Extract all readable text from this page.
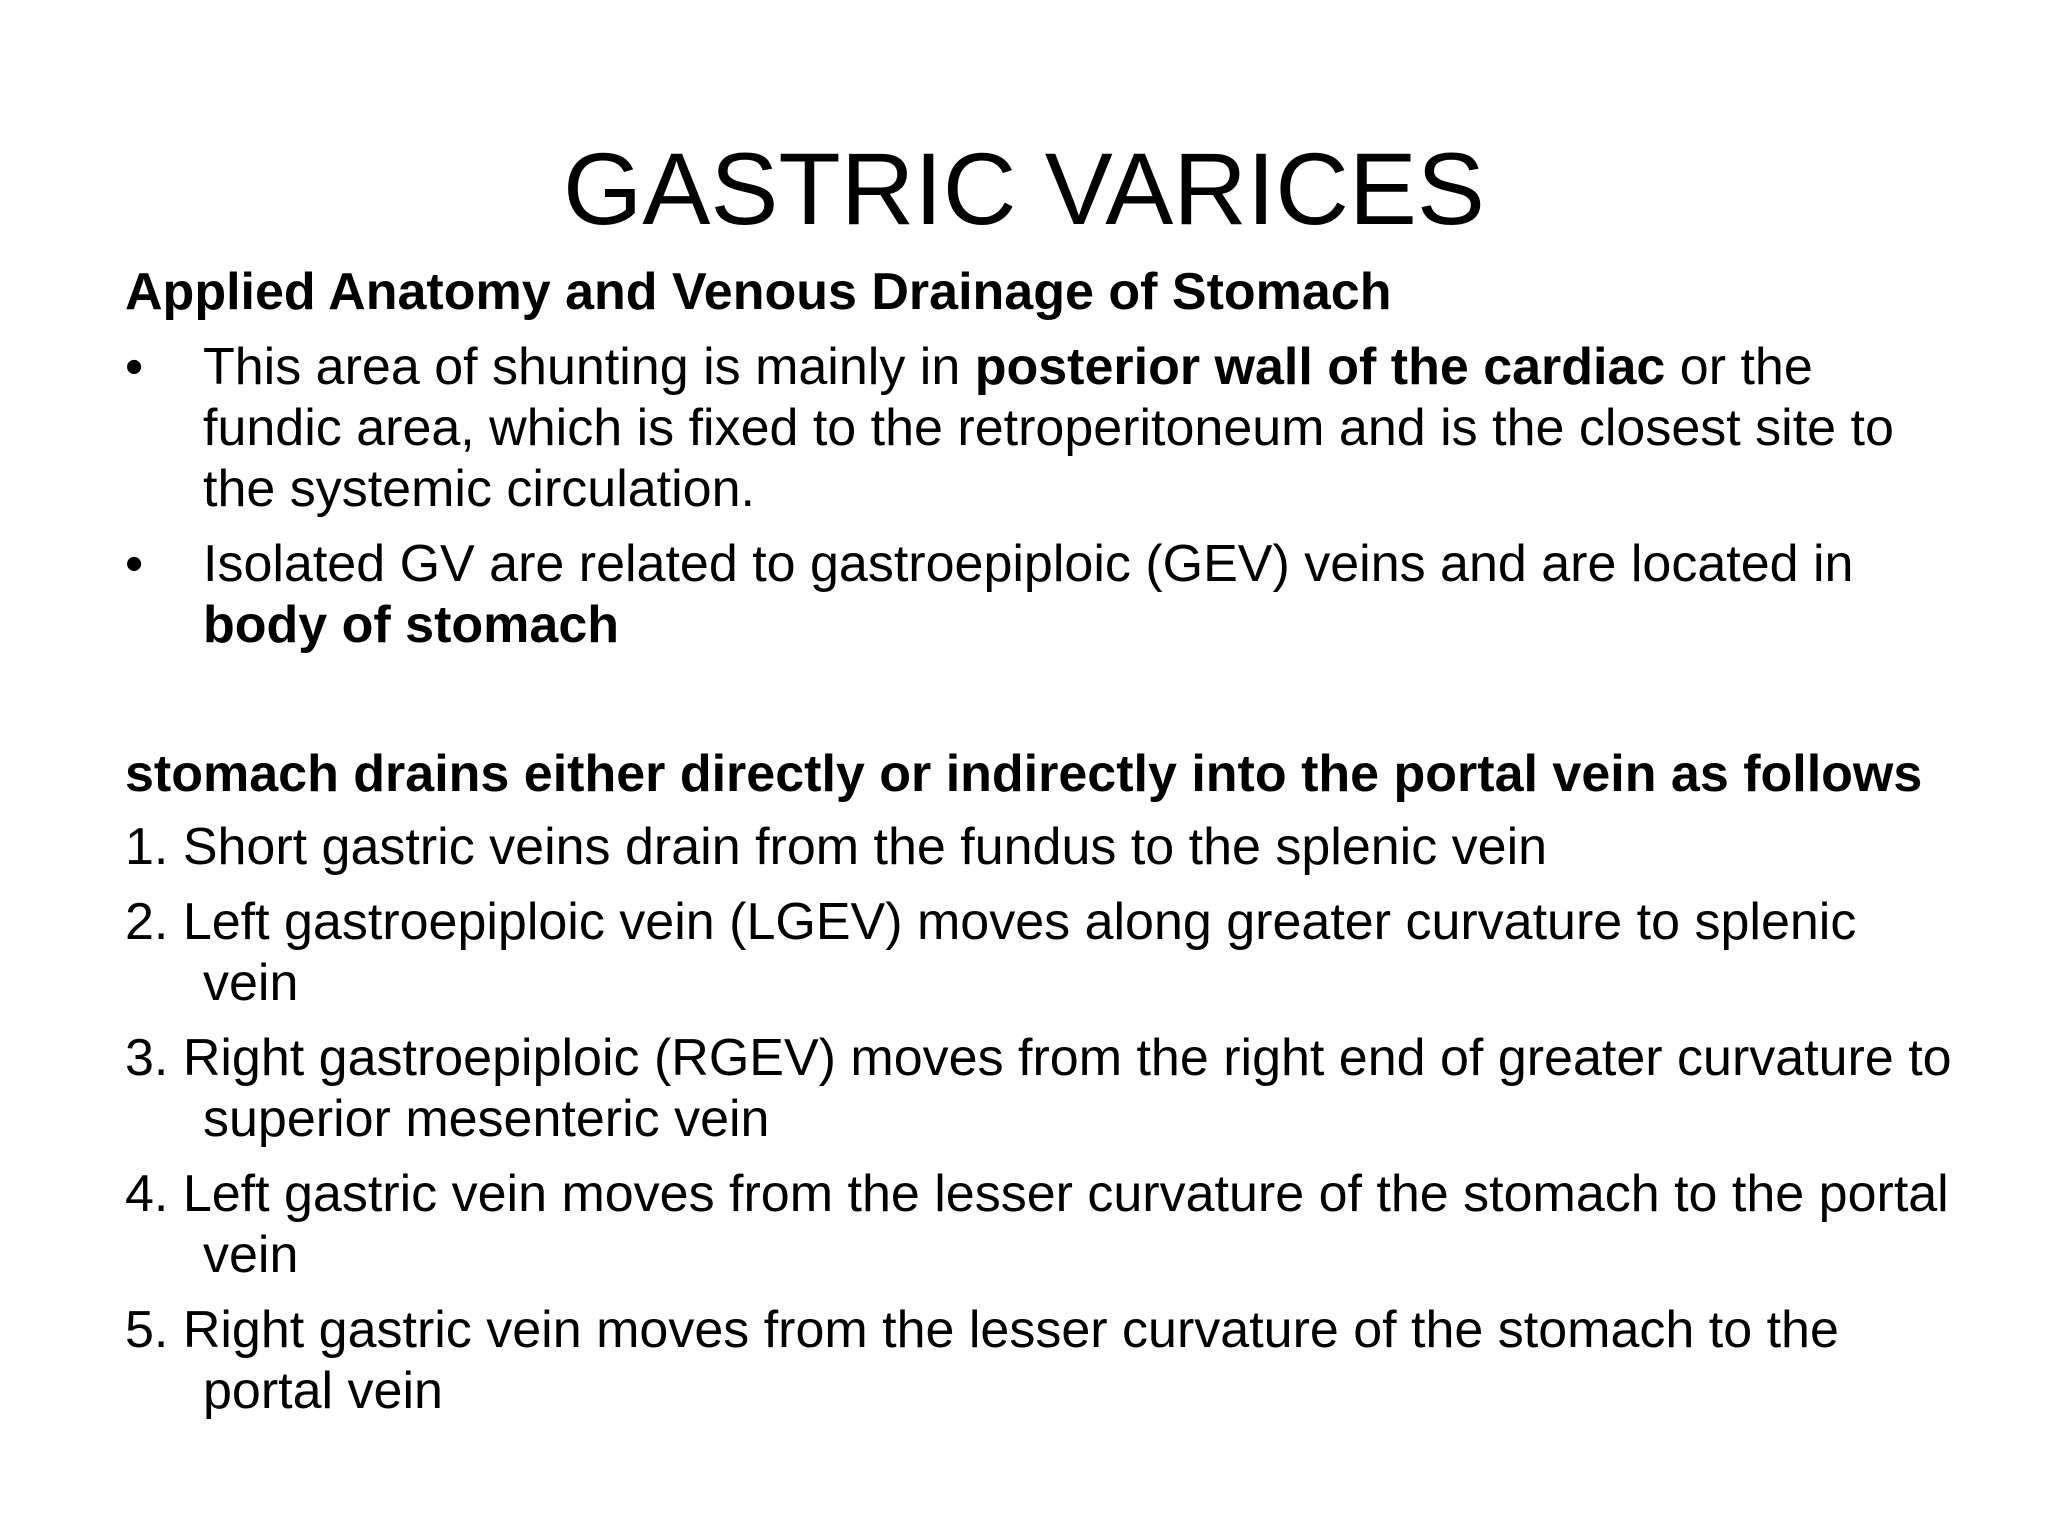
GASTRIC VARICES
Applied Anatomy and Venous Drainage of Stomach
•	This area of shunting is mainly in posterior wall of the cardiac or the fundic area, which is fixed to the retroperitoneum and is the closest site to the systemic circulation.
•	Isolated GV are related to gastroepiploic (GEV) veins and are located in body of stomach
stomach drains either directly or indirectly into the portal vein as follows
1. Short gastric veins drain from the fundus to the splenic vein
2. Left gastroepiploic vein (LGEV) moves along greater curvature to splenic vein
3. Right gastroepiploic (RGEV) moves from the right end of greater curvature to superior mesenteric vein
4. Left gastric vein moves from the lesser curvature of the stomach to the portal vein
5. Right gastric vein moves from the lesser curvature of the stomach to the portal vein
